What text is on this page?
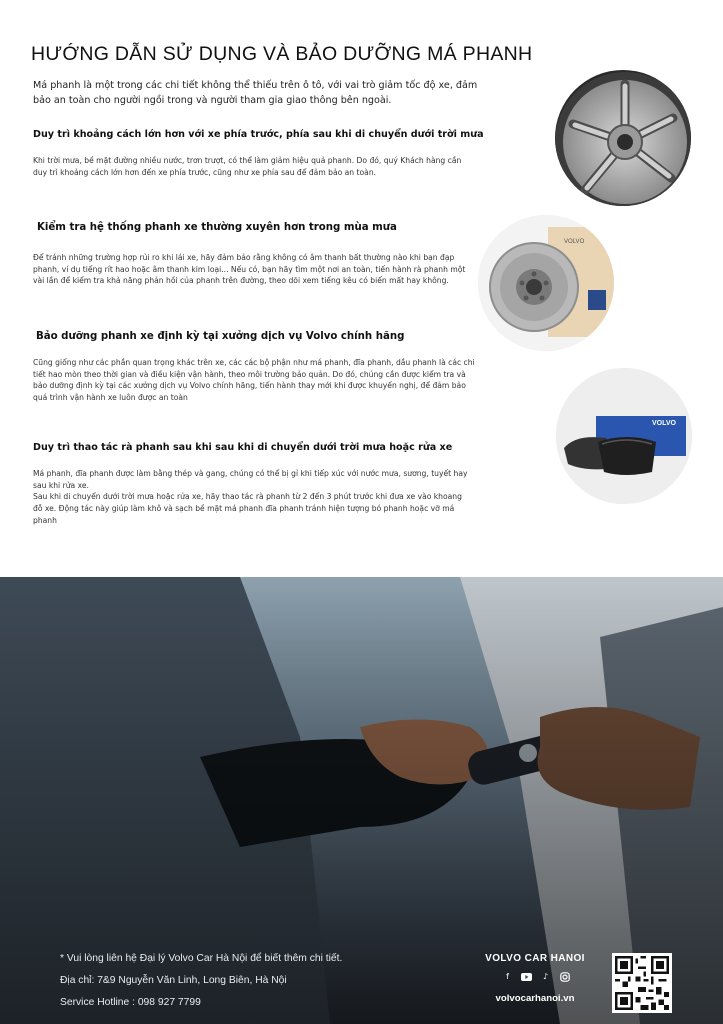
HƯỚNG DẪN SỬ DỤNG VÀ BẢO DƯỠNG MÁ PHANH

Má phanh là một trong các chi tiết không thể thiếu trên ô tô, với vai trò giảm tốc độ xe, đảm bảo an toàn cho người ngồi trong và người tham gia giao thông bên ngoài.

Duy trì khoảng cách lớn hơn với xe phía trước, phía sau khi di chuyển dưới trời mưa

Khi trời mưa, bề mặt đường nhiều nước, trơn trượt, có thể làm giảm hiệu quả phanh. Do đó, quý Khách hàng cần duy trì khoảng cách lớn hơn đến xe phía trước, cũng như xe phía sau để đảm bảo an toàn.

Kiểm tra hệ thống phanh xe thường xuyên hơn trong mùa mưa

Để tránh những trường hợp rủi ro khi lái xe, hãy đảm bảo rằng không có âm thanh bất thường nào khi bạn đạp phanh, ví dụ tiếng rít hao hoặc âm thanh kim loại... Nếu có, bạn hãy tìm một nơi an toàn, tiến hành rà phanh một vài lần để kiểm tra khả năng phản hồi của phanh trên đường, theo dõi xem tiếng kêu có biến mất hay không.

Bảo dưỡng phanh xe định kỳ tại xưởng dịch vụ Volvo chính hãng

Cũng giống như các phần quan trọng khác trên xe, các các bộ phận như má phanh, đĩa phanh, dầu phanh là các chi tiết hao mòn theo thời gian và điều kiện vận hành, theo môi trường bảo quản. Do đó, chúng cần được kiểm tra và bảo dưỡng định kỳ tại các xưởng dịch vụ Volvo chính hãng, tiến hành thay mới khi được khuyến nghị, để đảm bảo quá trình vận hành xe luôn được an toàn

Duy trì thao tác rà phanh sau khi sau khi di chuyển dưới trời mưa hoặc rửa xe

Má phanh, đĩa phanh được làm bằng thép và gang, chúng có thể bị gỉ khi tiếp xúc với nước mưa, sương, tuyết hay sau khi rửa xe.
Sau khi di chuyển dưới trời mưa hoặc rửa xe, hãy thao tác rà phanh từ 2 đến 3 phút trước khi đưa xe vào khoang đỗ xe. Động tác này giúp làm khô và sạch bề mặt má phanh đĩa phanh tránh hiện tượng bó phanh hoặc vỡ má phanh

VOLVO
VOLVO

* Vui lòng liên hệ Đại lý Volvo Car Hà Nội để biết thêm chi tiết.

Địa chỉ: 7&9 Nguyễn Văn Linh, Long Biên, Hà Nội

Service Hotline : 098 927 7799

VOLVO CAR HANOI
f	♪
volvocarhanoi.vn
